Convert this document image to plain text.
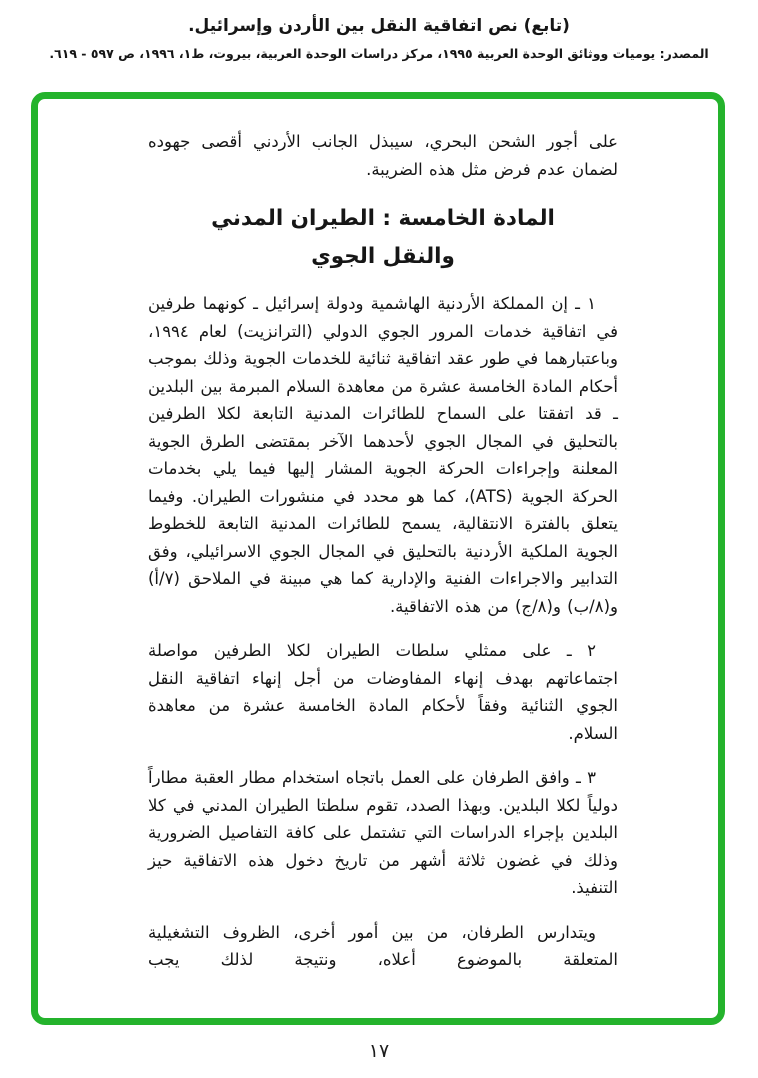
(تابع) نص اتفاقية النقل بين الأردن وإسرائيل.
المصدر: يوميات ووثائق الوحدة العربية ١٩٩٥، مركز دراسات الوحدة العربية، بيروت، ط١، ١٩٩٦، ص ٥٩٧ - ٦١٩.

على أجور الشحن البحري، سيبذل الجانب الأردني أقصى جهوده لضمان عدم فرض مثل هذه الضريبة.

المادة الخامسة : الطيران المدني
والنقل الجوي

١ ـ إن المملكة الأردنية الهاشمية ودولة إسرائيل ـ كونهما طرفين في اتفاقية خدمات المرور الجوي الدولي (الترانزيت) لعام ١٩٩٤، وباعتبارهما في طور عقد اتفاقية ثنائية للخدمات الجوية وذلك بموجب أحكام المادة الخامسة عشرة من معاهدة السلام المبرمة بين البلدين ـ قد اتفقتا على السماح للطائرات المدنية التابعة لكلا الطرفين بالتحليق في المجال الجوي لأحدهما الآخر بمقتضى الطرق الجوية المعلنة وإجراءات الحركة الجوية المشار إليها فيما يلي بخدمات الحركة الجوية (ATS)، كما هو محدد في منشورات الطيران. وفيما يتعلق بالفترة الانتقالية، يسمح للطائرات المدنية التابعة للخطوط الجوية الملكية الأردنية بالتحليق في المجال الجوي الاسرائيلي، وفق التدابير والاجراءات الفنية والإدارية كما هي مبينة في الملاحق (٧/أ) و(٨/ب) و(٨/ج) من هذه الاتفاقية.

٢ ـ على ممثلي سلطات الطيران لكلا الطرفين مواصلة اجتماعاتهم بهدف إنهاء المفاوضات من أجل إنهاء اتفاقية النقل الجوي الثنائية وفقاً لأحكام المادة الخامسة عشرة من معاهدة السلام.

٣ ـ وافق الطرفان على العمل باتجاه استخدام مطار العقبة مطاراً دولياً لكلا البلدين. وبهذا الصدد، تقوم سلطتا الطيران المدني في كلا البلدين بإجراء الدراسات التي تشتمل على كافة التفاصيل الضرورية وذلك في غضون ثلاثة أشهر من تاريخ دخول هذه الاتفاقية حيز التنفيذ.

ويتدارس الطرفان، من بين أمور أخرى، الظروف التشغيلية المتعلقة بالموضوع أعلاه، ونتيجة لذلك يجب

١٧
